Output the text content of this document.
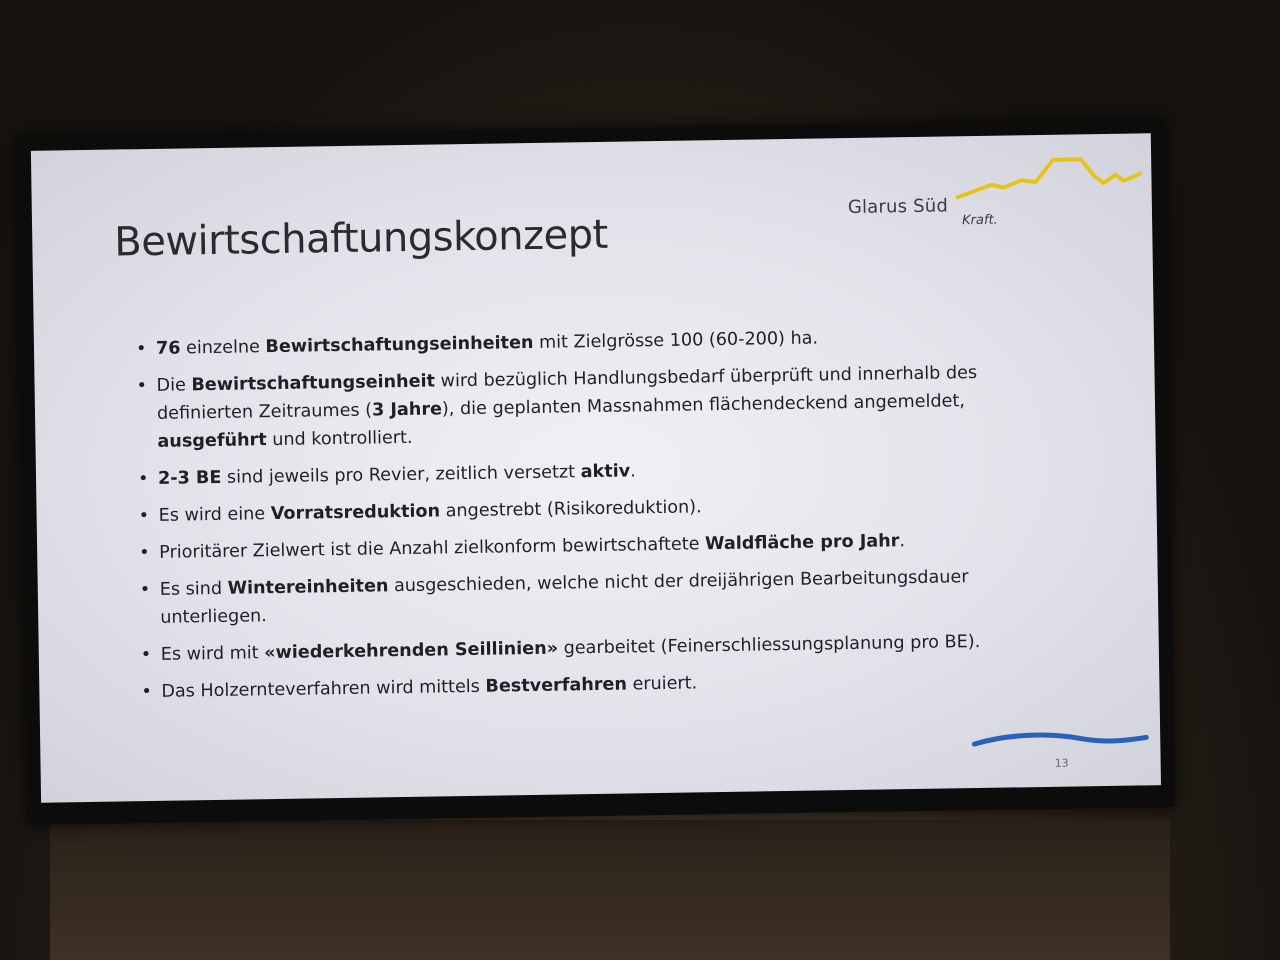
Glarus Süd
Kraft.
Bewirtschaftungskonzept
• 76 einzelne Bewirtschaftungseinheiten mit Zielgrösse 100 (60-200) ha.
• Die Bewirtschaftungseinheit wird bezüglich Handlungsbedarf überprüft und innerhalb des definierten Zeitraumes (3 Jahre), die geplanten Massnahmen flächendeckend angemeldet, ausgeführt und kontrolliert.
• 2-3 BE sind jeweils pro Revier, zeitlich versetzt aktiv.
• Es wird eine Vorratsreduktion angestrebt (Risikoreduktion).
• Prioritärer Zielwert ist die Anzahl zielkonform bewirtschaftete Waldfläche pro Jahr.
• Es sind Wintereinheiten ausgeschieden, welche nicht der dreijährigen Bearbeitungsdauer unterliegen.
• Es wird mit «wiederkehrenden Seillinien» gearbeitet (Feinerschliessungsplanung pro BE).
• Das Holzernteverfahren wird mittels Bestverfahren eruiert.
13
